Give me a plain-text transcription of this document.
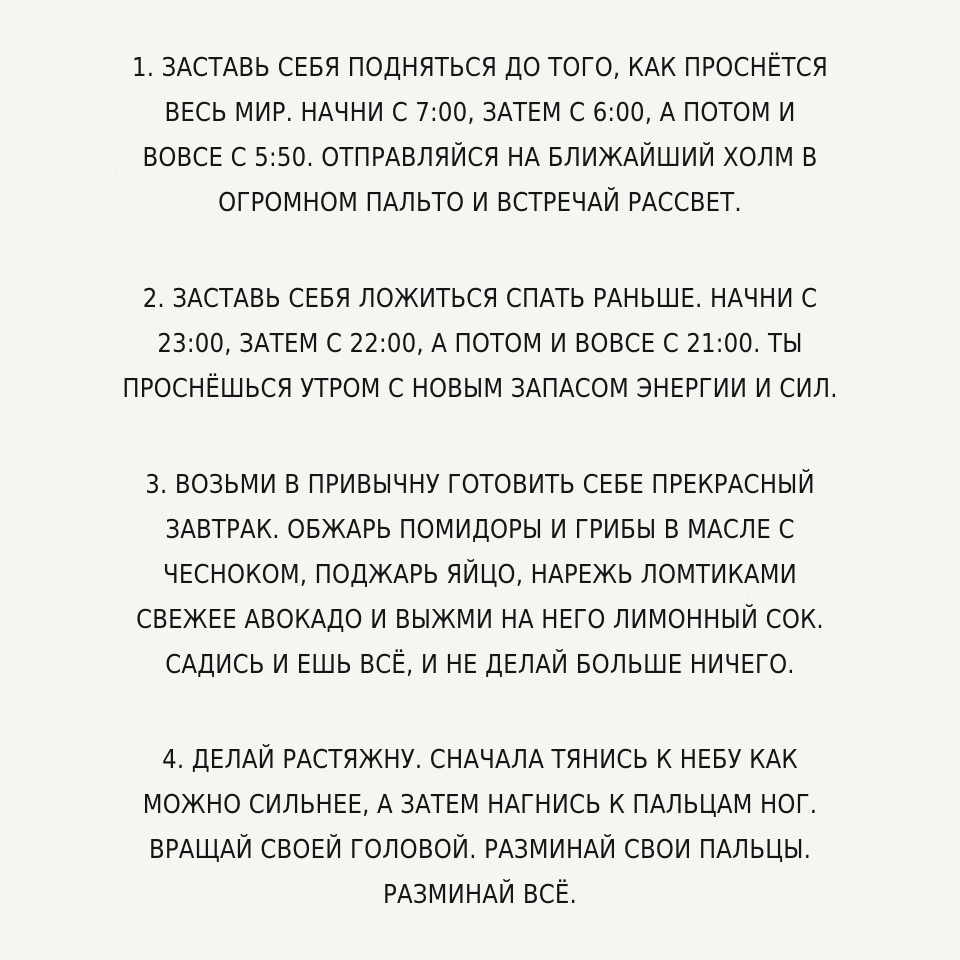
1. ЗАСТАВЬ СЕБЯ ПОДНЯТЬСЯ ДО ТОГО, КАК ПРОСНЁТСЯ
ВЕСЬ МИР. НАЧНИ С 7:00, ЗАТЕМ С 6:00, А ПОТОМ И
ВОВСЕ С 5:50. ОТПРАВЛЯЙСЯ НА БЛИЖАЙШИЙ ХОЛМ В
ОГРОМНОМ ПАЛЬТО И ВСТРЕЧАЙ РАССВЕТ.

2. ЗАСТАВЬ СЕБЯ ЛОЖИТЬСЯ СПАТЬ РАНЬШЕ. НАЧНИ С
23:00, ЗАТЕМ С 22:00, А ПОТОМ И ВОВСЕ С 21:00. ТЫ
ПРОСНЁШЬСЯ УТРОМ С НОВЫМ ЗАПАСОМ ЭНЕРГИИ И СИЛ.

3. ВОЗЬМИ В ПРИВЫЧНУ ГОТОВИТЬ СЕБЕ ПРЕКРАСНЫЙ
ЗАВТРАК. ОБЖАРЬ ПОМИДОРЫ И ГРИБЫ В МАСЛЕ С
ЧЕСНОКОМ, ПОДЖАРЬ ЯЙЦО, НАРЕЖЬ ЛОМТИКАМИ
СВЕЖЕЕ АВОКАДО И ВЫЖМИ НА НЕГО ЛИМОННЫЙ СОК.
САДИСЬ И ЕШЬ ВСЁ, И НЕ ДЕЛАЙ БОЛЬШЕ НИЧЕГО.

4. ДЕЛАЙ РАСТЯЖНУ. СНАЧАЛА ТЯНИСЬ К НЕБУ КАК
МОЖНО СИЛЬНЕЕ, А ЗАТЕМ НАГНИСЬ К ПАЛЬЦАМ НОГ.
ВРАЩАЙ СВОЕЙ ГОЛОВОЙ. РАЗМИНАЙ СВОИ ПАЛЬЦЫ.
РАЗМИНАЙ ВСЁ.
